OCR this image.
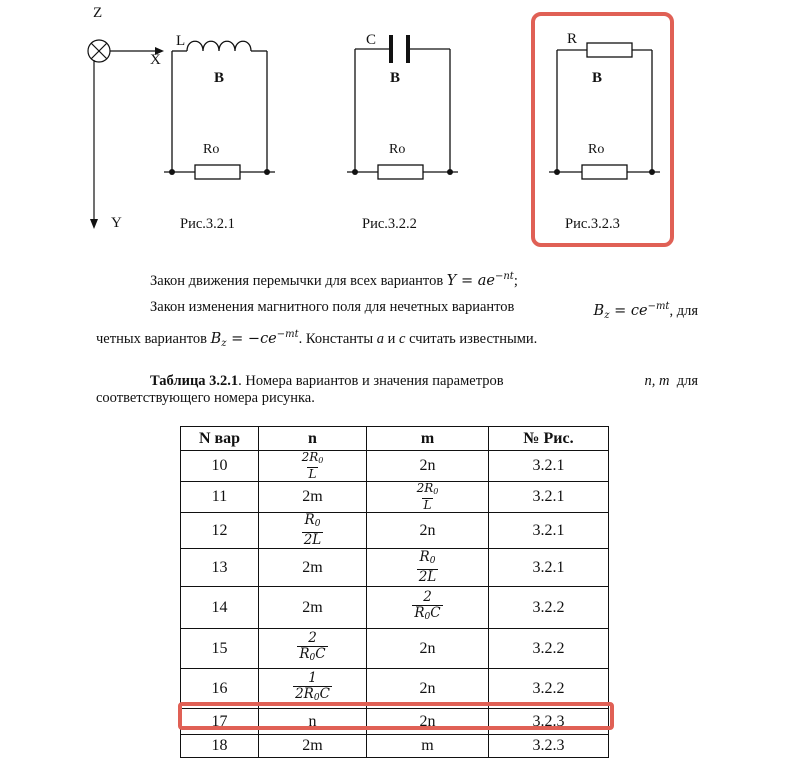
Z
X
Y
L
B
Ro
Рис.3.2.1
C
B
Ro
Рис.3.2.2
R
B
Ro
Рис.3.2.3
Закон движения перемычки для всех вариантов $Y = ae^{-nt}$;
Закон изменения магнитного поля для нечетных вариантов	$B_z = ce^{-mt}$, для
четных вариантов $B_z = -ce^{-mt}$. Константы a и c считать известными.
Таблица 3.2.1. Номера вариантов и значения параметров	n, m для
соответствующего номера рисунка.
N вар	n	m	№ Рис.
10	$\frac{2R_0}{L}$	2n	3.2.1
11	2m	$\frac{2R_0}{L}$	3.2.1
12	$\frac{R_0}{2L}$	2n	3.2.1
13	2m	$\frac{R_0}{2L}$	3.2.1
14	2m	$\frac{2}{R_0C}$	3.2.2
15	$\frac{2}{R_0C}$	2n	3.2.2
16	$\frac{1}{2R_0C}$	2n	3.2.2
17	n	2n	3.2.3
18	2m	m	3.2.3
